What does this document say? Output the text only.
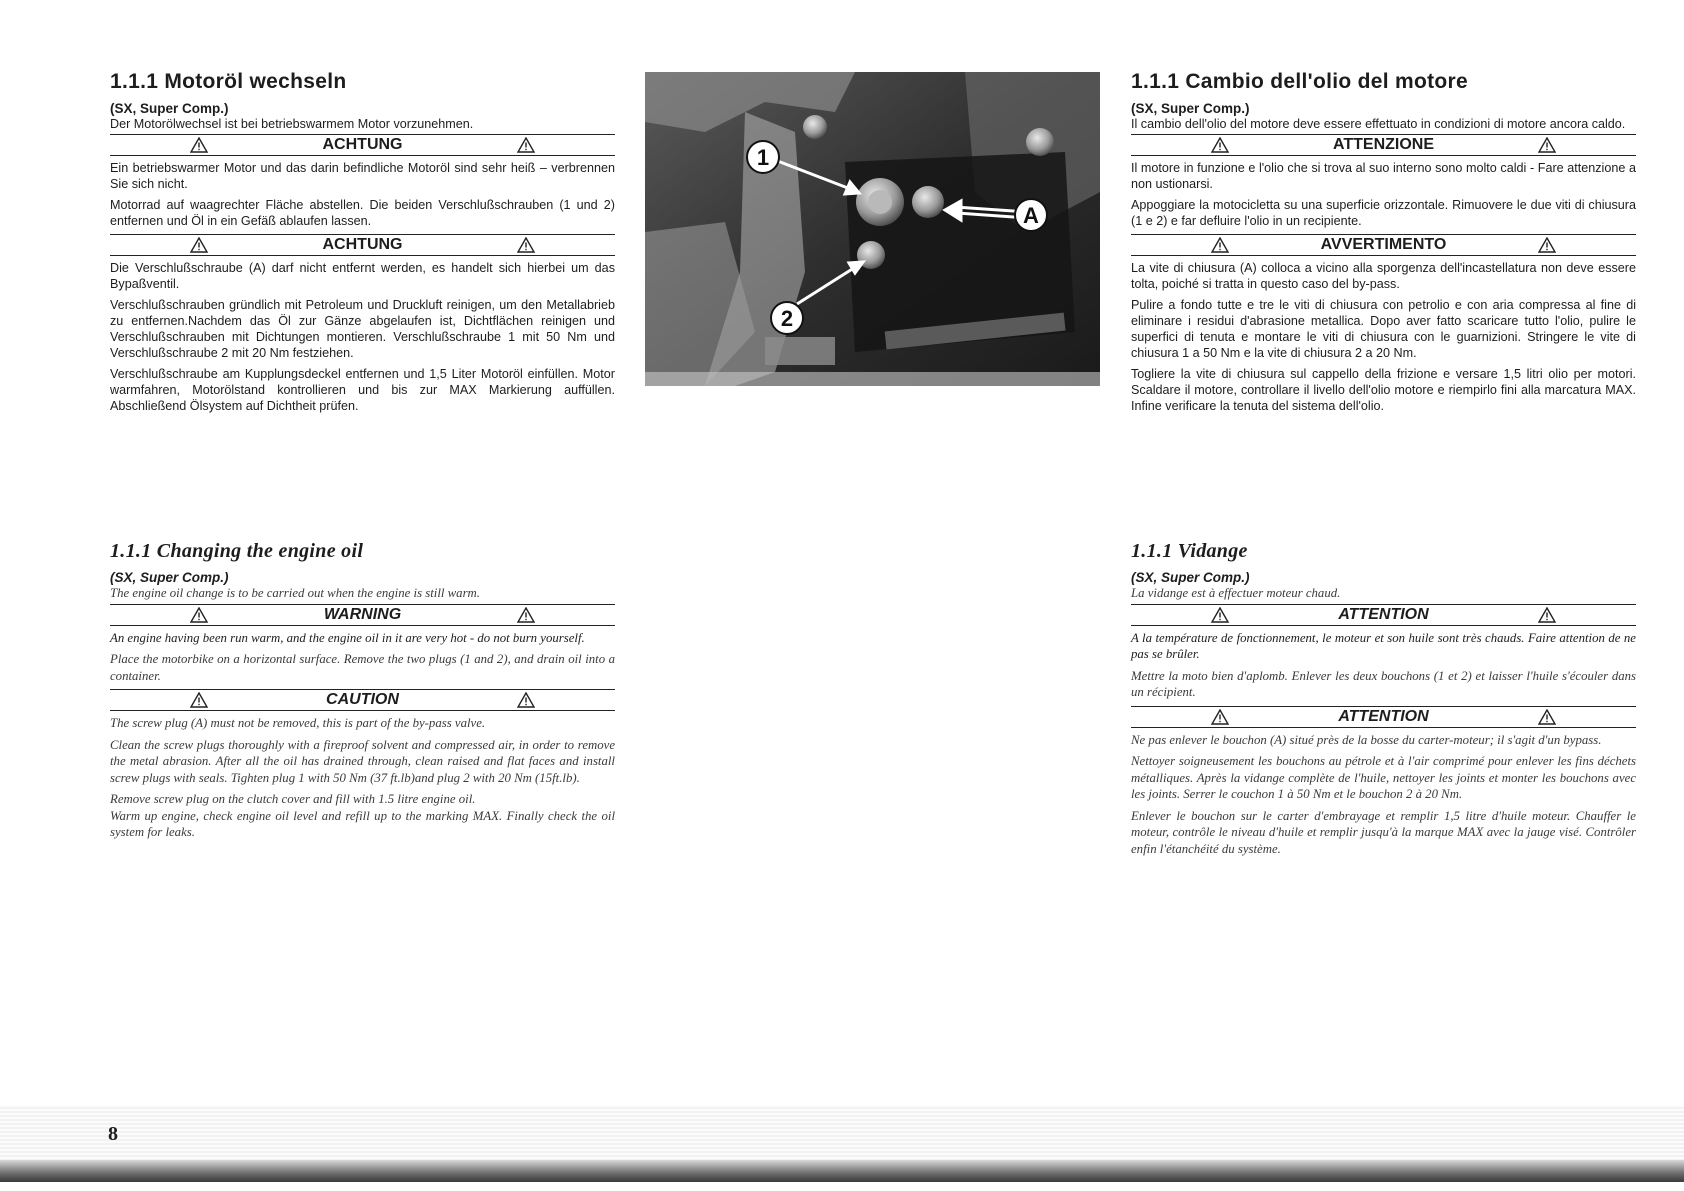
1.1.1 Motoröl wechseln
(SX, Super Comp.)
Der Motorölwechsel ist bei betriebswarmem Motor vorzunehmen.
ACHTUNG
Ein betriebswarmer Motor und das darin befindliche Motoröl sind sehr heiß – verbrennen Sie sich nicht.
Motorrad auf waagrechter Fläche abstellen. Die beiden Verschlußschrauben (1 und 2) entfernen und Öl in ein Gefäß ablaufen lassen.
ACHTUNG
Die Verschlußschraube (A) darf nicht entfernt werden, es handelt sich hierbei um das Bypaßventil.
Verschlußschrauben gründlich mit Petroleum und Druckluft reinigen, um den Metallabrieb zu entfernen.Nachdem das Öl zur Gänze abgelaufen ist, Dichtflächen reinigen und Verschlußschrauben mit Dichtungen montieren. Verschlußschraube 1 mit 50 Nm und Verschlußschraube 2 mit 20 Nm festziehen.
Verschlußschraube am Kupplungsdeckel entfernen und 1,5 Liter Motoröl einfüllen. Motor warmfahren, Motorölstand kontrollieren und bis zur MAX Markierung auffüllen. Abschließend Ölsystem auf Dichtheit prüfen.
1
2
A
1.1.1 Cambio dell'olio del motore
(SX, Super Comp.)
Il cambio dell'olio del motore deve essere effettuato in condizioni di motore ancora caldo.
ATTENZIONE
Il motore in funzione e l'olio che si trova al suo interno sono molto caldi - Fare attenzione a non ustionarsi.
Appoggiare la motocicletta su una superficie orizzontale. Rimuovere le due viti di chiusura (1 e 2) e far defluire l'olio in un recipiente.
AVVERTIMENTO
La vite di chiusura (A) colloca a vicino alla sporgenza dell'incastellatura non deve essere tolta, poiché si tratta in questo caso del by-pass.
Pulire a fondo tutte e tre le viti di chiusura con petrolio e con aria compressa al fine di eliminare i residui d'abrasione metallica. Dopo aver fatto scaricare tutto l'olio, pulire le superfici di tenuta e montare le viti di chiusura con le guarnizioni. Stringere le vite di chiusura 1 a 50 Nm e la vite di chiusura 2 a 20 Nm.
Togliere la vite di chiusura sul cappello della frizione e versare 1,5 litri olio per motori. Scaldare il motore, controllare il livello dell'olio motore e riempirlo fini alla marcatura MAX. Infine verificare la tenuta del sistema dell'olio.
1.1.1 Changing the engine oil
(SX, Super Comp.)
The engine oil change is to be carried out when the engine is still warm.
WARNING
An engine having been run warm, and the engine oil in it are very hot - do not burn yourself.
Place the motorbike on a horizontal surface. Remove the two plugs (1 and 2), and drain oil into a container.
CAUTION
The screw plug (A) must not be removed, this is part of the by-pass valve.
Clean the screw plugs thoroughly with a fireproof solvent and compressed air, in order to remove the metal abrasion. After all the oil has drained through, clean raised and flat faces and install screw plugs with seals. Tighten plug 1 with 50 Nm (37 ft.lb)and plug 2 with 20 Nm (15ft.lb).
Remove screw plug on the clutch cover and fill with 1.5 litre engine oil.
Warm up engine, check engine oil level and refill up to the marking MAX. Finally check the oil system for leaks.
1.1.1 Vidange
(SX, Super Comp.)
La vidange est à effectuer moteur chaud.
ATTENTION
A la température de fonctionnement, le moteur et son huile sont très chauds. Faire attention de ne pas se brûler.
Mettre la moto bien d'aplomb. Enlever les deux bouchons (1 et 2) et laisser l'huile s'écouler dans un récipient.
ATTENTION
Ne pas enlever le bouchon (A) situé près de la bosse du carter-moteur; il s'agit d'un bypass.
Nettoyer soigneusement les bouchons au pétrole et à l'air comprimé pour enlever les fins déchets métalliques. Après la vidange complète de l'huile, nettoyer les joints et monter les bouchons avec les joints. Serrer le couchon 1 à 50 Nm et le bouchon 2 à 20 Nm.
Enlever le bouchon sur le carter d'embrayage et remplir 1,5 litre d'huile moteur. Chauffer le moteur, contrôle le niveau d'huile et remplir jusqu'à la marque MAX avec la jauge visé. Contrôler enfin l'étanchéité du système.
8
